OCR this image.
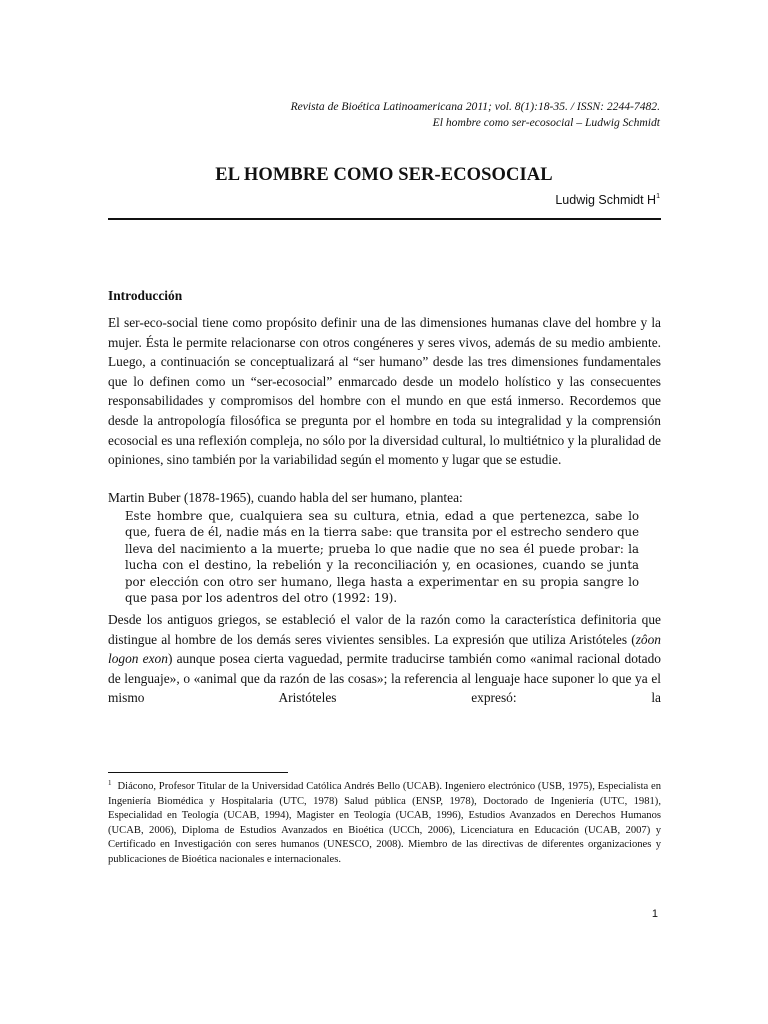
Revista de Bioética Latinoamericana 2011; vol. 8(1):18-35. / ISSN: 2244-7482.
El hombre como ser-ecosocial – Ludwig Schmidt
EL HOMBRE COMO SER-ECOSOCIAL
Ludwig Schmidt $H^1$
Introducción

El ser-eco-social tiene como propósito definir una de las dimensiones humanas clave del hombre y la mujer. Ésta le permite relacionarse con otros congéneres y seres vivos, además de su medio ambiente. Luego, a continuación se conceptualizará al “ser humano” desde las tres dimensiones fundamentales que lo definen como un “ser-ecosocial” enmarcado desde un modelo holístico y las consecuentes responsabilidades y compromisos del hombre con el mundo en que está inmerso. Recordemos que desde la antropología filosófica se pregunta por el hombre en toda su integralidad y la comprensión ecosocial es una reflexión compleja, no sólo por la diversidad cultural, lo multiétnico y la pluralidad de opiniones, sino también por la variabilidad según el momento y lugar que se estudie.

Martin Buber (1878-1965), cuando habla del ser humano, plantea:

Este hombre que, cualquiera sea su cultura, etnia, edad a que pertenezca, sabe lo que, fuera de él, nadie más en la tierra sabe: que transita por el estrecho sendero que lleva del nacimiento a la muerte; prueba lo que nadie que no sea él puede probar: la lucha con el destino, la rebelión y la reconciliación y, en ocasiones, cuando se junta por elección con otro ser humano, llega hasta a experimentar en su propia sangre lo que pasa por los adentros del otro (1992: 19).

Desde los antiguos griegos, se estableció el valor de la razón como la característica definitoria que distingue al hombre de los demás seres vivientes sensibles. La expresión que utiliza Aristóteles (zôon logon exon) aunque posea cierta vaguedad, permite traducirse también como «animal racional dotado de lenguaje», o «animal que da razón de las cosas»; la referencia al lenguaje hace suponer lo que ya el mismo Aristóteles expresó: la

$^1$ Diácono, Profesor Titular de la Universidad Católica Andrés Bello (UCAB). Ingeniero electrónico (USB, 1975), Especialista en Ingeniería Biomédica y Hospitalaria (UTC, 1978) Salud pública (ENSP, 1978), Doctorado de Ingeniería (UTC, 1981), Especialidad en Teología (UCAB, 1994), Magister en Teología (UCAB, 1996), Estudios Avanzados en Derechos Humanos (UCAB, 2006), Diploma de Estudios Avanzados en Bioética (UCCh, 2006), Licenciatura en Educación (UCAB, 2007) y Certificado en Investigación con seres humanos (UNESCO, 2008). Miembro de las directivas de diferentes organizaciones y publicaciones de Bioética nacionales e internacionales.
1
